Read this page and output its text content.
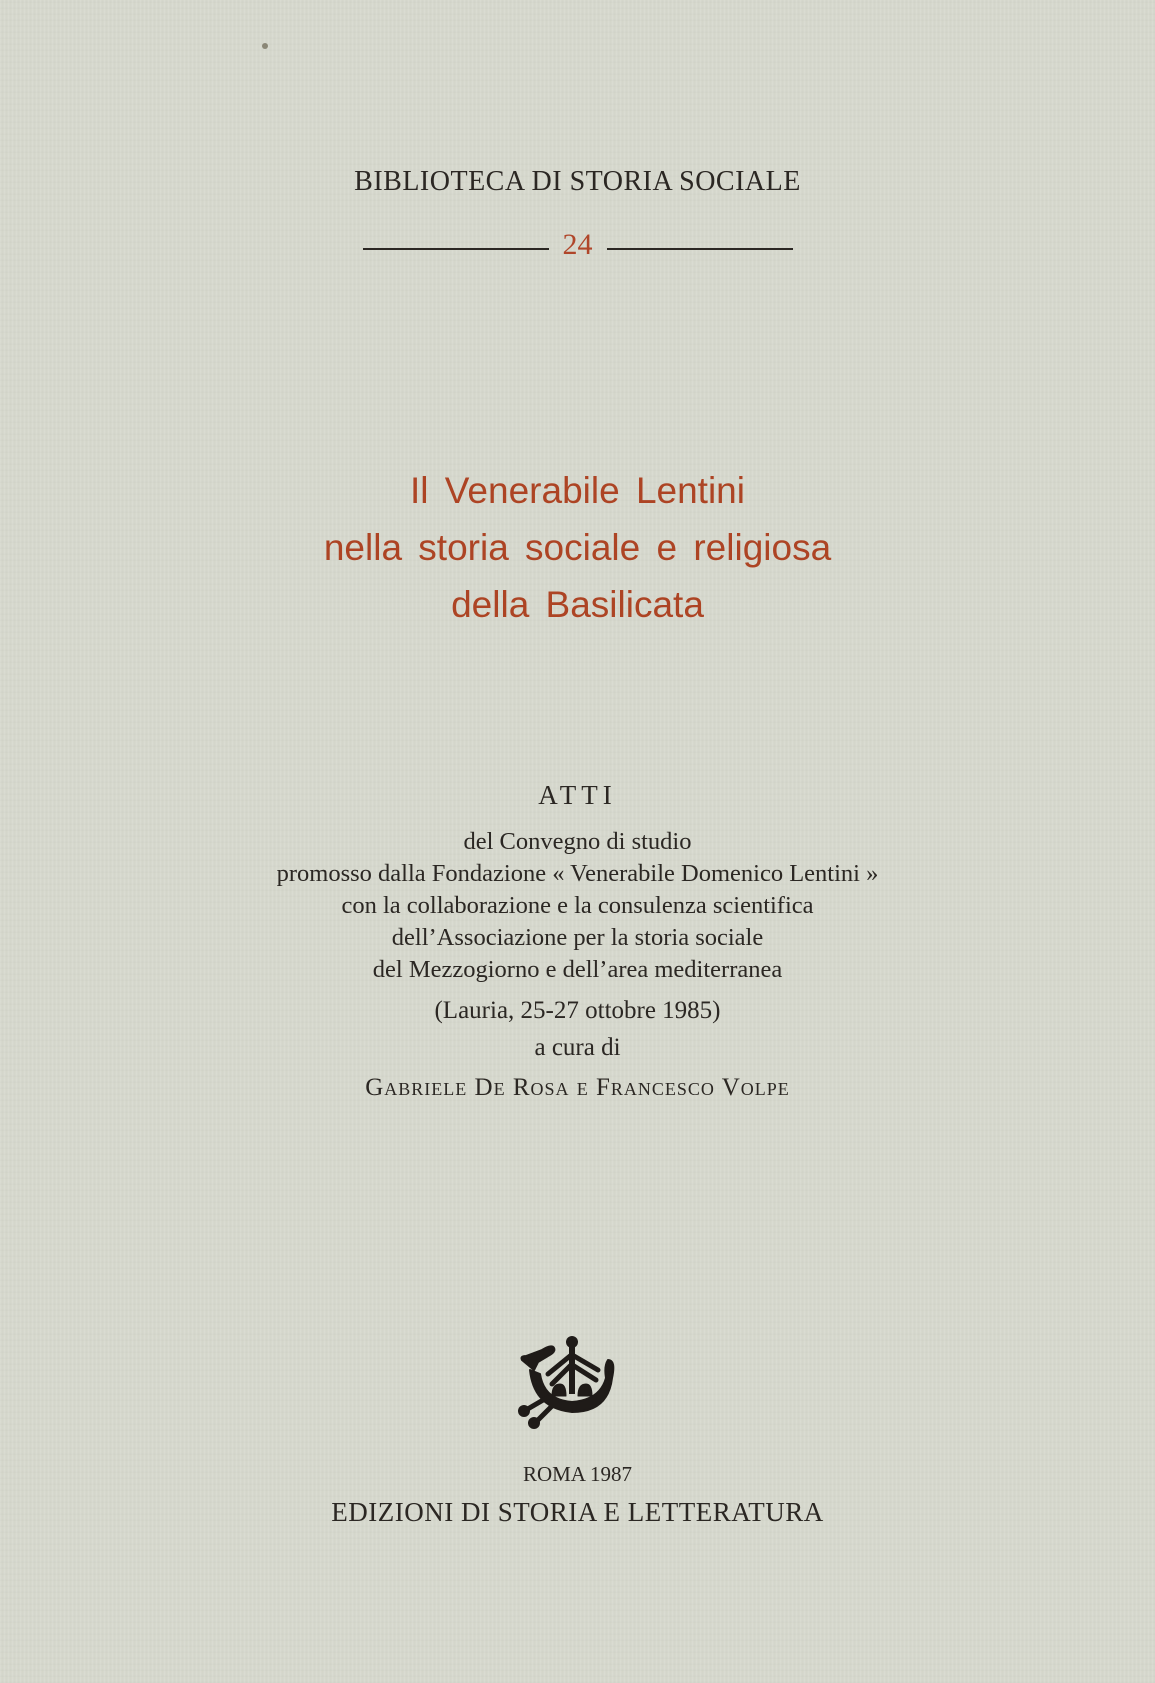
BIBLIOTECA DI STORIA SOCIALE
24
Il Venerabile Lentini
nella storia sociale e religiosa
della Basilicata
ATTI
del Convegno di studio
promosso dalla Fondazione « Venerabile Domenico Lentini »
con la collaborazione e la consulenza scientifica
dell’Associazione per la storia sociale
del Mezzogiorno e dell’area mediterranea
(Lauria, 25-27 ottobre 1985)
a cura di
Gabriele De Rosa e Francesco Volpe
ROMA 1987
EDIZIONI DI STORIA E LETTERATURA
